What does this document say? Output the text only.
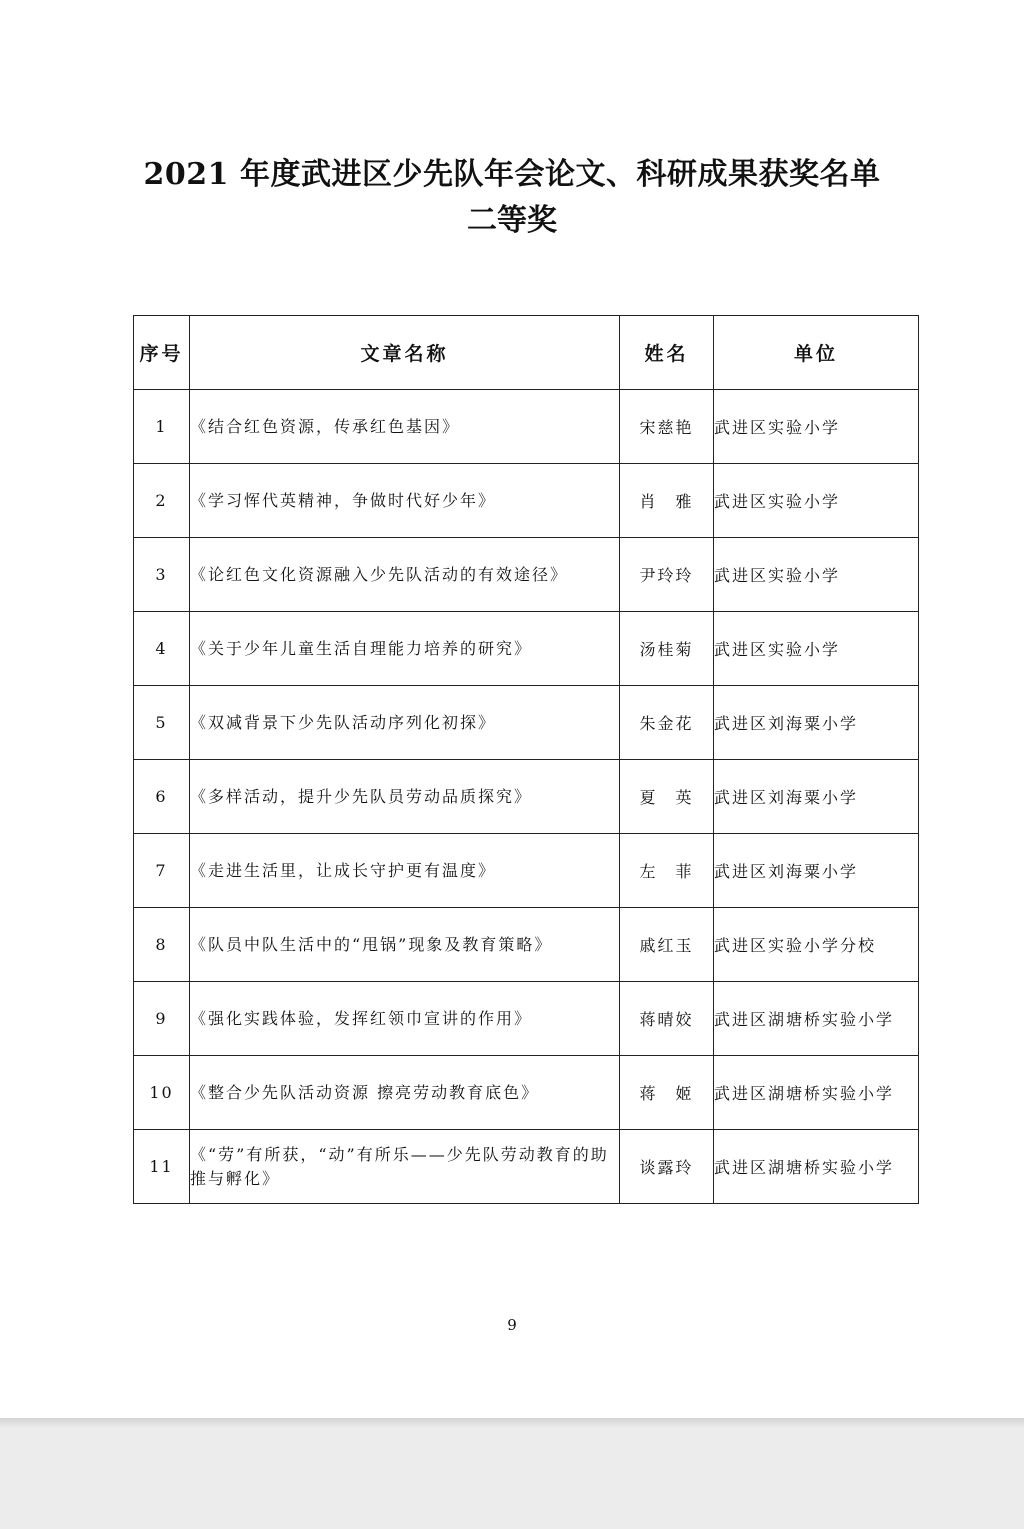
2021 年度武进区少先队年会论文、科研成果获奖名单
二等奖
序号	文章名称	姓名	单位
1	《结合红色资源，传承红色基因》	宋慈艳	武进区实验小学
2	《学习恽代英精神，争做时代好少年》	肖　雅	武进区实验小学
3	《论红色文化资源融入少先队活动的有效途径》	尹玲玲	武进区实验小学
4	《关于少年儿童生活自理能力培养的研究》	汤桂菊	武进区实验小学
5	《双减背景下少先队活动序列化初探》	朱金花	武进区刘海粟小学
6	《多样活动，提升少先队员劳动品质探究》	夏　英	武进区刘海粟小学
7	《走进生活里，让成长守护更有温度》	左　菲	武进区刘海粟小学
8	《队员中队生活中的“甩锅”现象及教育策略》	戚红玉	武进区实验小学分校
9	《强化实践体验，发挥红领巾宣讲的作用》	蒋晴姣	武进区湖塘桥实验小学
10	《整合少先队活动资源 擦亮劳动教育底色》	蒋　姬	武进区湖塘桥实验小学
11	《“劳”有所获，“动”有所乐——少先队劳动教育的助推与孵化》	谈露玲	武进区湖塘桥实验小学
9
